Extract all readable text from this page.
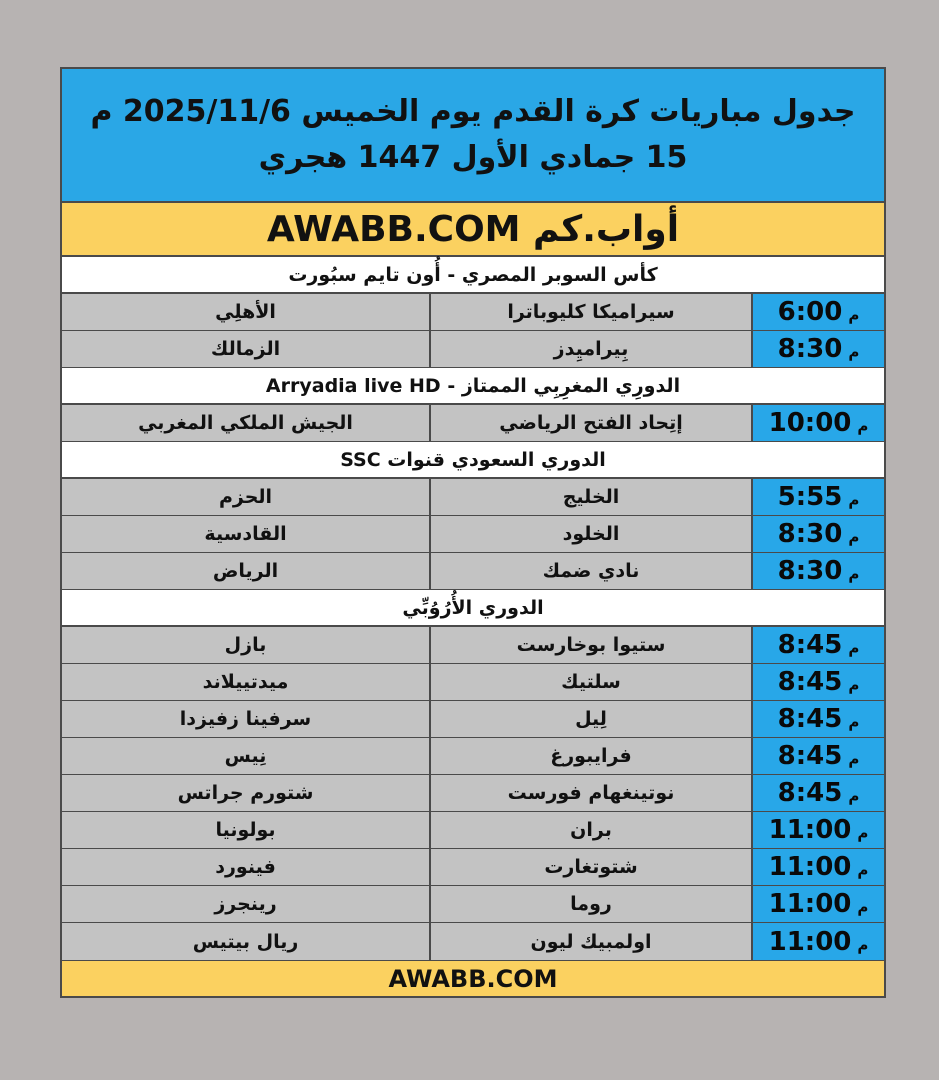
جدول مباريات كرة القدم يوم الخميس 2025/11/6 م 15 جمادي الأول 1447 هجري
أواب.كم AWABB.COM
كأس السوبر المصري - أُون تايم سبُورت
م
6:00
سيراميكا كليوباترا
الأهلِي
م
8:30
بِيراميِدز
الزمالك
الدورِي المغرِبِي الممتاز - Arryadia live HD
م
10:00
إتِحاد الفتح الرياضي
الجيش الملكي المغربي
الدوري السعودي قنوات SSC
م
5:55
الخليج
الحزم
م
8:30
الخلود
القادسية
م
8:30
نادي ضمك
الرياض
الدوري الأُرُوُبِّي
م
8:45
ستيوا بوخارست
بازل
م
8:45
سلتيك
ميدتييلاند
م
8:45
لِيل
سرفينا زفيزدا
م
8:45
فرايبورغ
نِيس
م
8:45
نوتينغهام فورست
شتورم جراتس
م
11:00
بران
بولونيا
م
11:00
شتوتغارت
فينورد
م
11:00
روما
رينجرز
م
11:00
اولمبيك ليون
ريال بيتيس
AWABB.COM
